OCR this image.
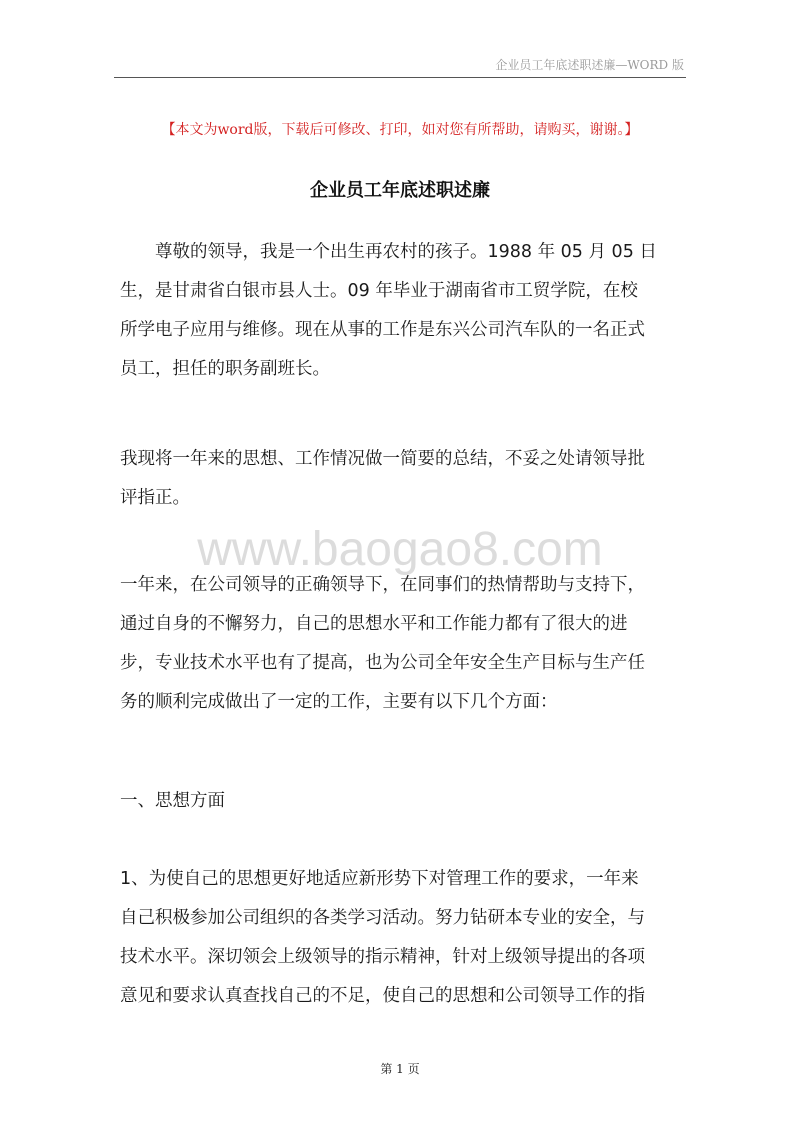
企业员工年底述职述廉—WORD 版
【本文为word版，下载后可修改、打印，如对您有所帮助，请购买，谢谢。】
企业员工年底述职述廉
　　尊敬的领导，我是一个出生再农村的孩子。1988 年 05 月 05 日
生，是甘肃省白银市县人士。09 年毕业于湖南省市工贸学院，在校
所学电子应用与维修。现在从事的工作是东兴公司汽车队的一名正式
员工，担任的职务副班长。
我现将一年来的思想、工作情况做一简要的总结，不妥之处请领导批
评指正。
www.baogao8.com
一年来，在公司领导的正确领导下，在同事们的热情帮助与支持下，
通过自身的不懈努力，自己的思想水平和工作能力都有了很大的进
步，专业技术水平也有了提高，也为公司全年安全生产目标与生产任
务的顺利完成做出了一定的工作，主要有以下几个方面：
一、思想方面
1、为使自己的思想更好地适应新形势下对管理工作的要求，一年来
自己积极参加公司组织的各类学习活动。努力钻研本专业的安全，与
技术水平。深切领会上级领导的指示精神，针对上级领导提出的各项
意见和要求认真查找自己的不足，使自己的思想和公司领导工作的指
第 1 页
